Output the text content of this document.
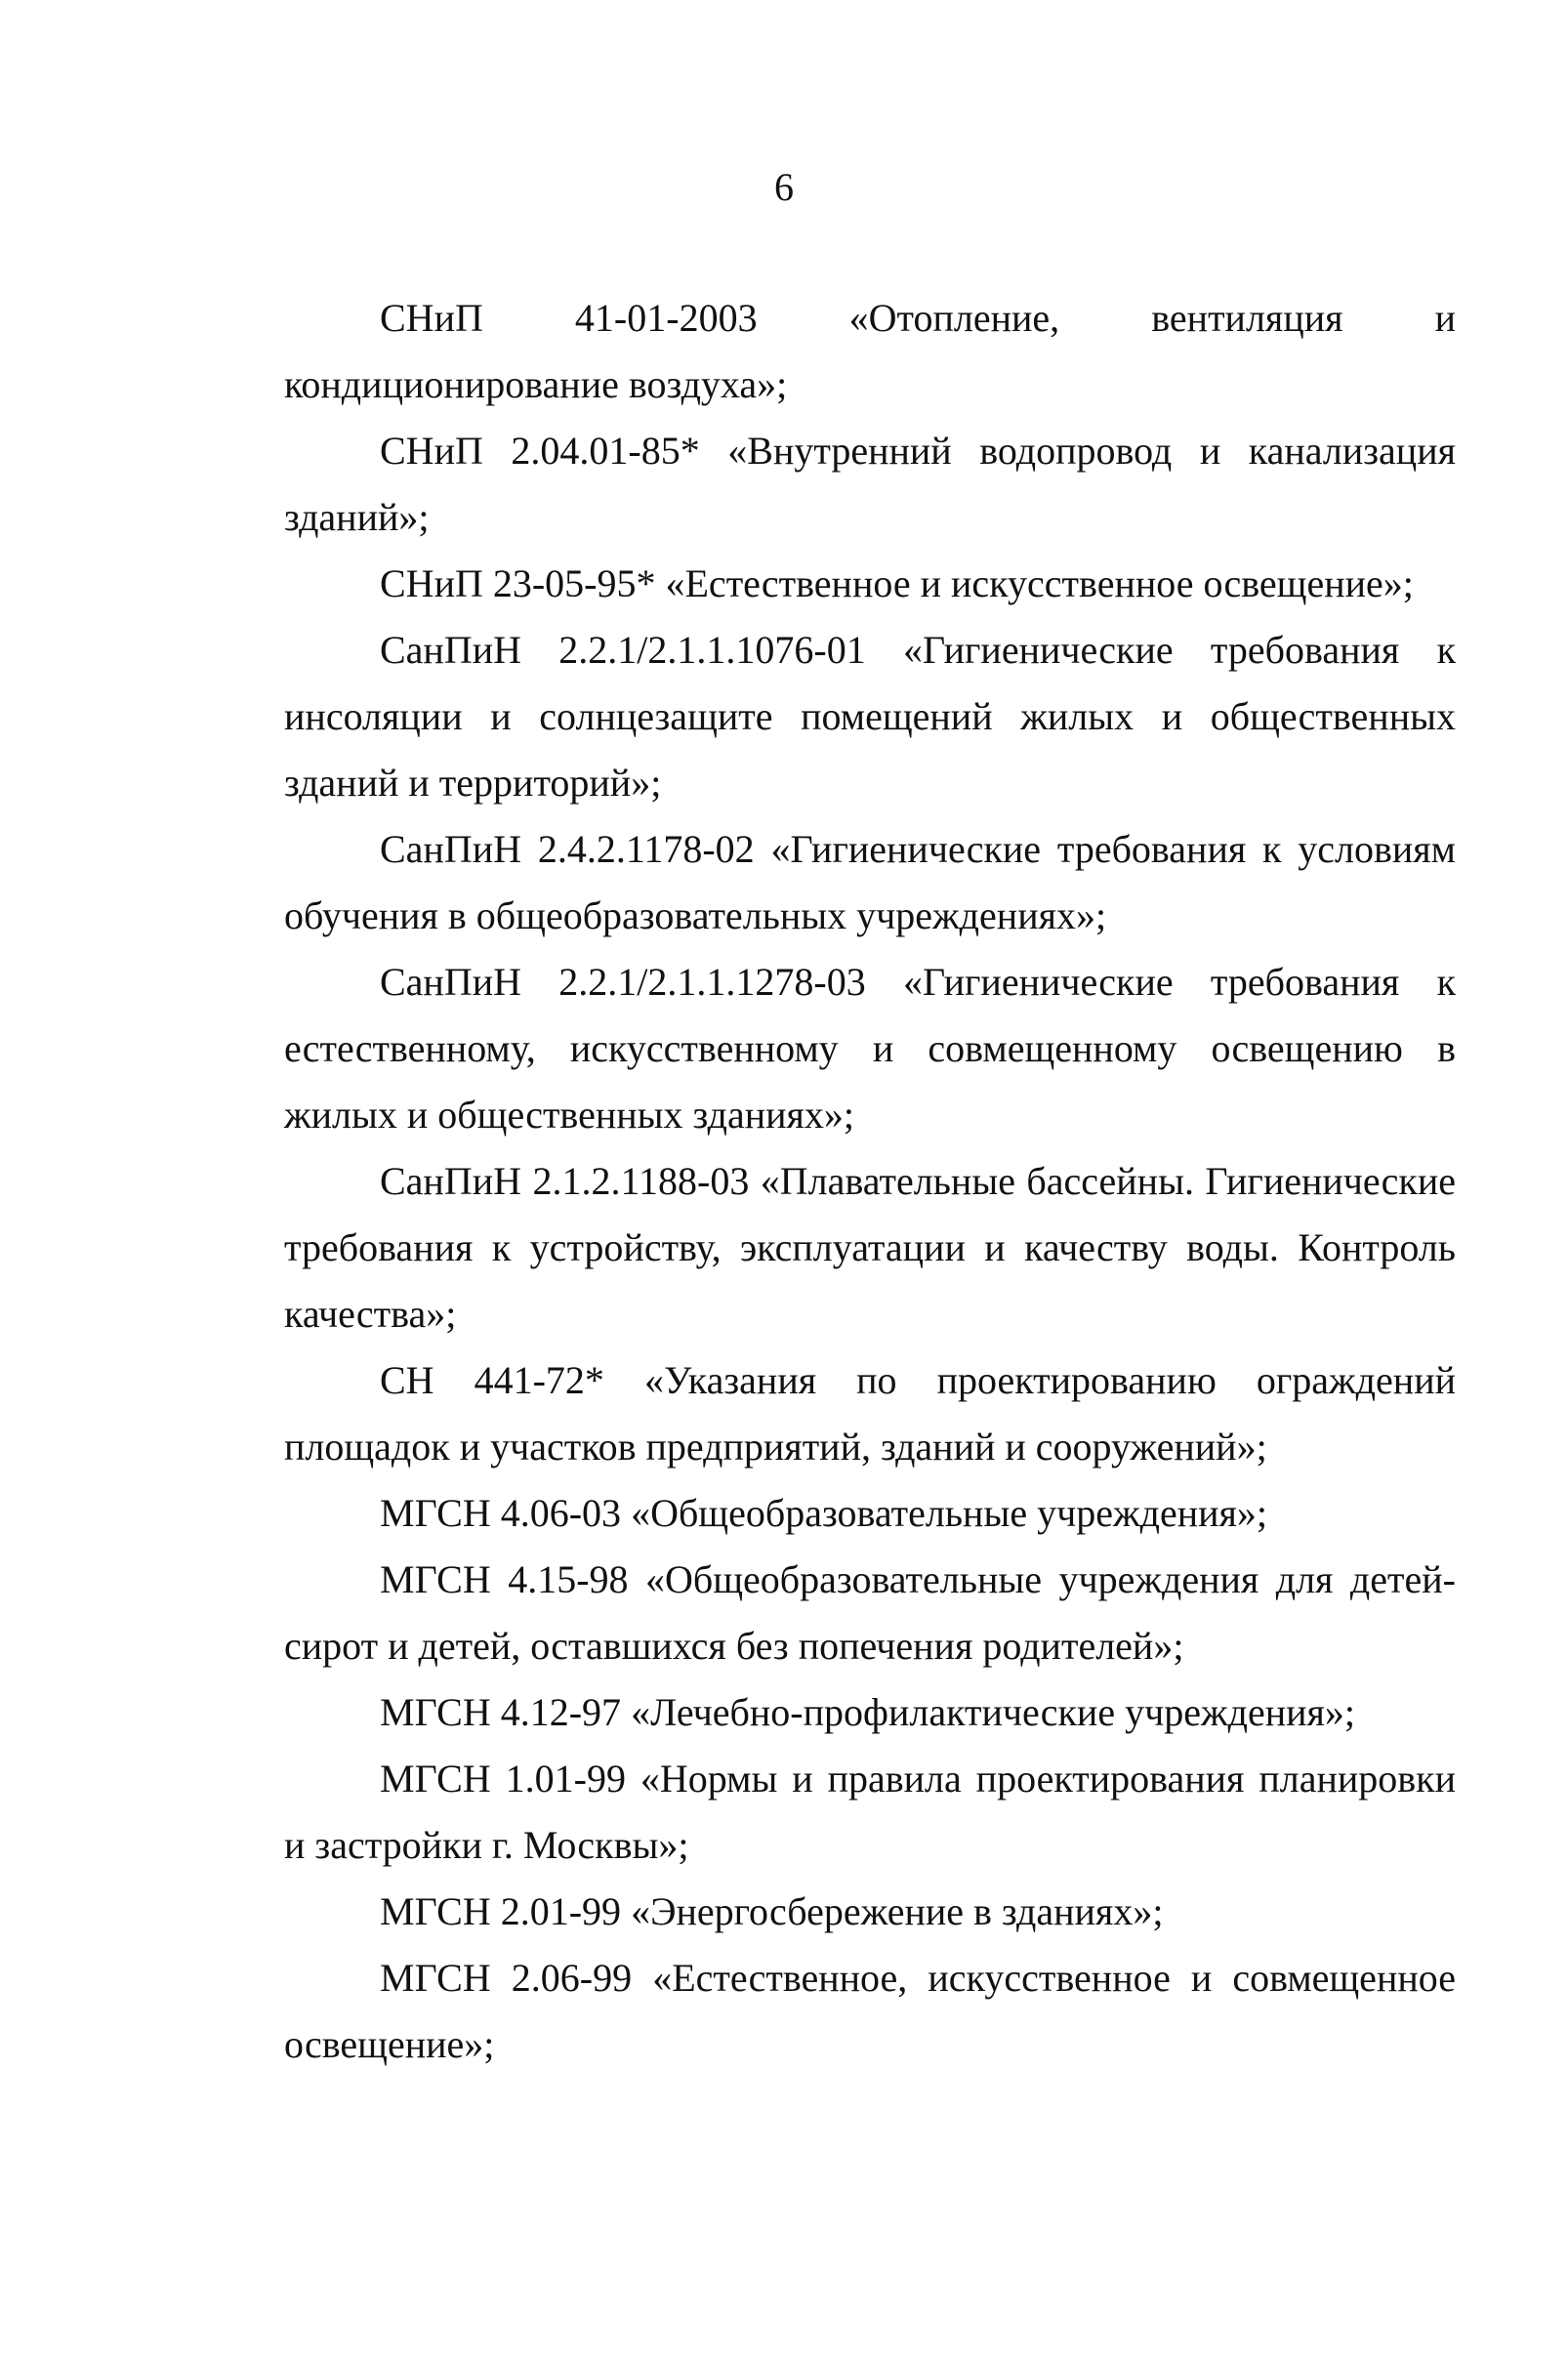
6

СНиП 41-01-2003 «Отопление, вентиляция и кондиционирование воздуха»;

СНиП 2.04.01-85* «Внутренний водопровод и канализация зданий»;

СНиП 23-05-95* «Естественное и искусственное освещение»;

СанПиН 2.2.1/2.1.1.1076-01 «Гигиенические требования к инсоляции и солнцезащите помещений жилых и общественных зданий и территорий»;

СанПиН 2.4.2.1178-02 «Гигиенические требования к условиям обучения в общеобразовательных учреждениях»;

СанПиН 2.2.1/2.1.1.1278-03 «Гигиенические требования к естественному, искусственному и совмещенному освещению в жилых и общественных зданиях»;

СанПиН 2.1.2.1188-03 «Плавательные бассейны. Гигиенические требования к устройству, эксплуатации и качеству воды. Контроль качества»;

СН 441-72* «Указания по проектированию ограждений площадок и участков предприятий, зданий и сооружений»;

МГСН 4.06-03 «Общеобразовательные учреждения»;

МГСН 4.15-98 «Общеобразовательные учреждения для детей-сирот и детей, оставшихся без попечения родителей»;

МГСН 4.12-97 «Лечебно-профилактические учреждения»;

МГСН 1.01-99 «Нормы и правила проектирования планировки и застройки г. Москвы»;

МГСН 2.01-99 «Энергосбережение в зданиях»;

МГСН 2.06-99 «Естественное, искусственное и совмещенное освещение»;
